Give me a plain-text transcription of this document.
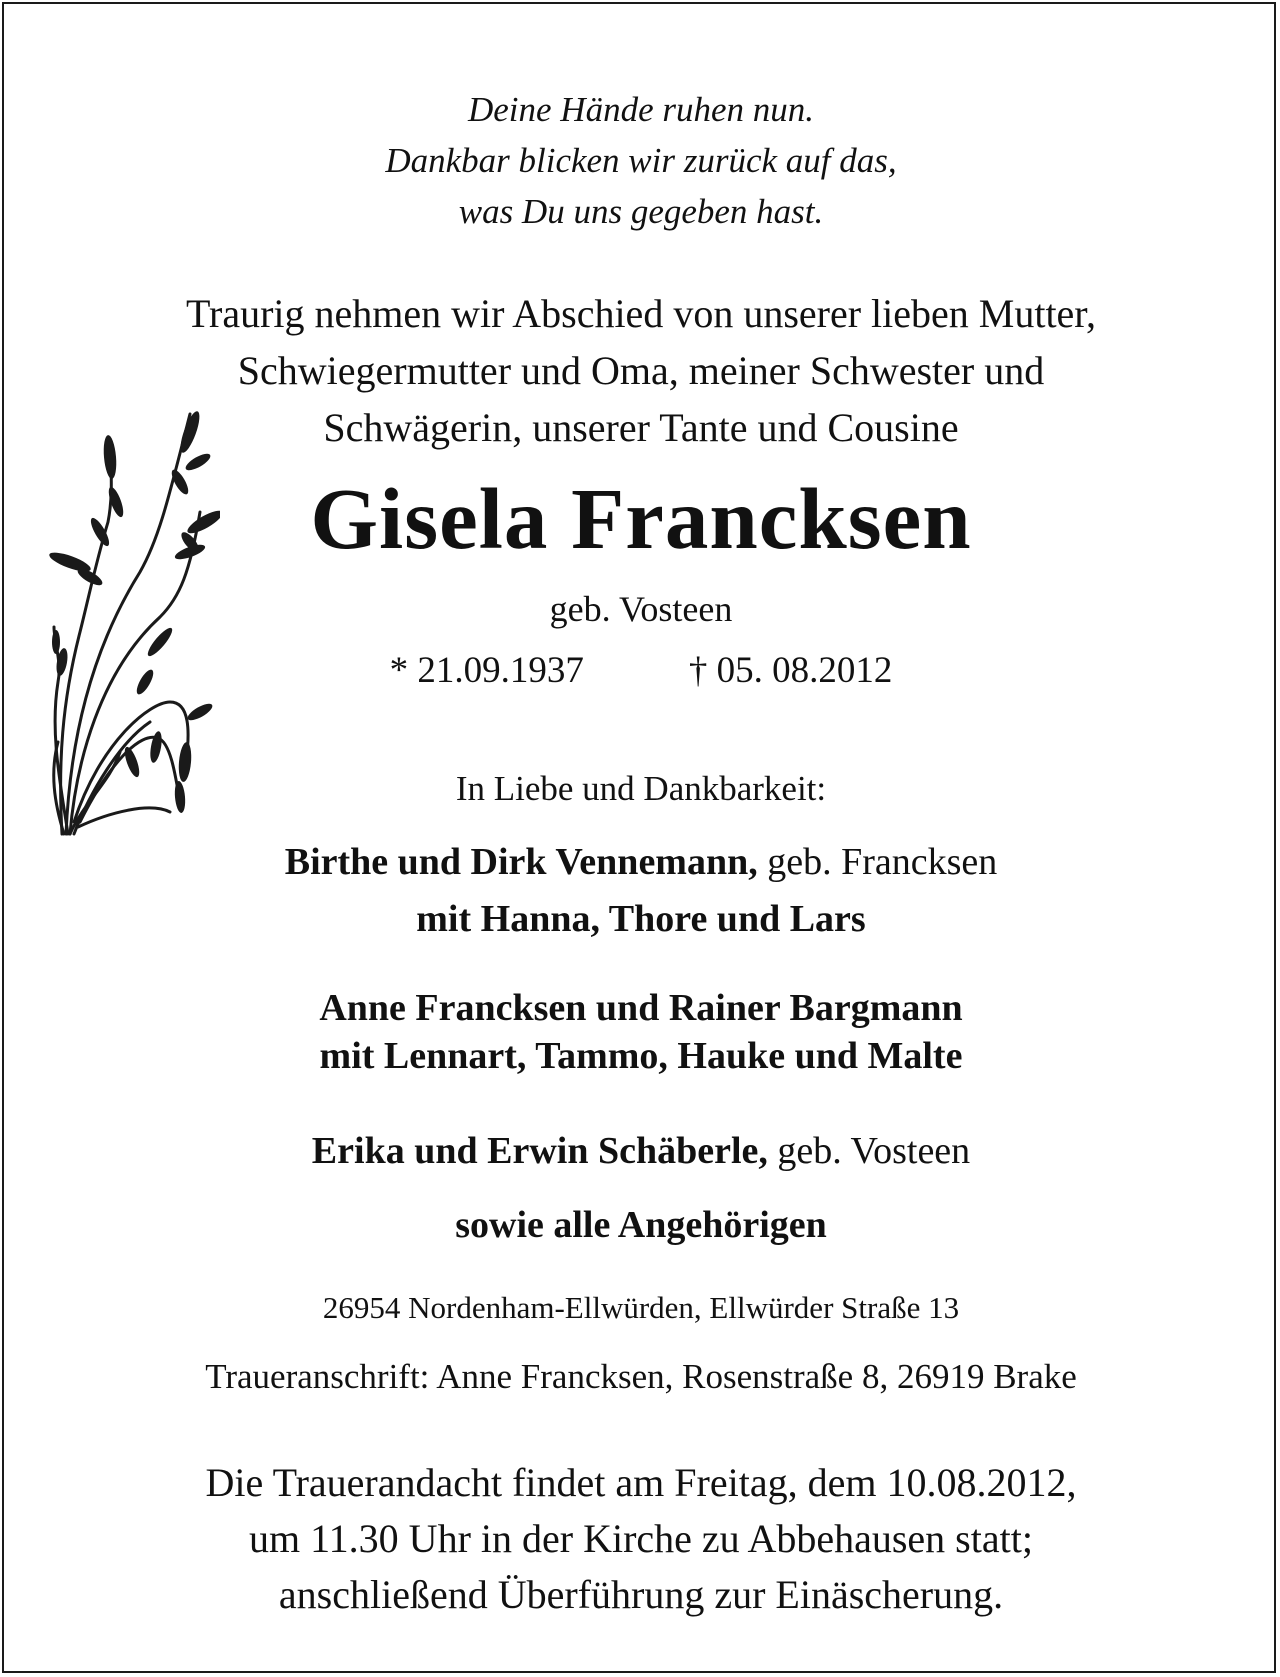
Deine Hände ruhen nun.
Dankbar blicken wir zurück auf das,
was Du uns gegeben hast.
Traurig nehmen wir Abschied von unserer lieben Mutter,
Schwiegermutter und Oma, meiner Schwester und
Schwägerin, unserer Tante und Cousine
Gisela Francksen
geb. Vosteen
* 21.09.1937	† 05. 08.2012
In Liebe und Dankbarkeit:
Birthe und Dirk Vennemann, geb. Francksen
mit Hanna, Thore und Lars
Anne Francksen und Rainer Bargmann
mit Lennart, Tammo, Hauke und Malte
Erika und Erwin Schäberle, geb. Vosteen
sowie alle Angehörigen
26954 Nordenham-Ellwürden, Ellwürder Straße 13
Traueranschrift: Anne Francksen, Rosenstraße 8, 26919 Brake
Die Trauerandacht findet am Freitag, dem 10.08.2012,
um 11.30 Uhr in der Kirche zu Abbehausen statt;
anschließend Überführung zur Einäscherung.
